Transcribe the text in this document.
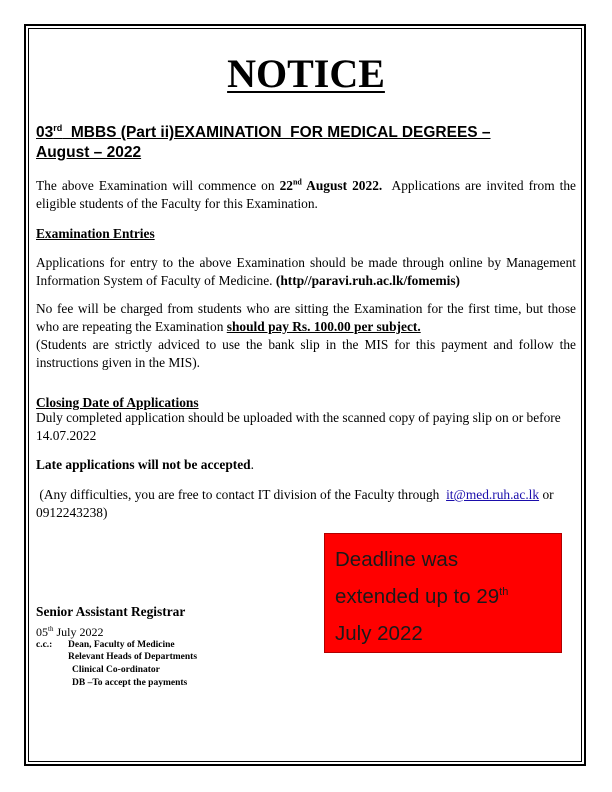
NOTICE
03rd  MBBS (Part ii)EXAMINATION  FOR MEDICAL DEGREES –
August – 2022
The above Examination will commence on 22nd August 2022.  Applications are invited from the eligible students of the Faculty for this Examination.
Examination Entries
Applications for entry to the above Examination should be made through online by Management Information System of Faculty of Medicine. (http//paravi.ruh.ac.lk/fomemis)
No fee will be charged from students who are sitting the Examination for the first time, but those who are repeating the Examination should pay Rs. 100.00 per subject.
(Students are strictly adviced to use the bank slip in the MIS for this payment and follow the instructions given in the MIS).
Closing Date of Applications
Duly completed application should be uploaded with the scanned copy of paying slip on or before 14.07.2022
Late applications will not be accepted.
(Any difficulties, you are free to contact IT division of the Faculty through  it@med.ruh.ac.lk or
0912243238)
Deadline was
extended up to 29th
July 2022
Senior Assistant Registrar
05th July 2022
c.c.: Dean, Faculty of Medicine
Relevant Heads of Departments
Clinical Co-ordinator
DB –To accept the payments
